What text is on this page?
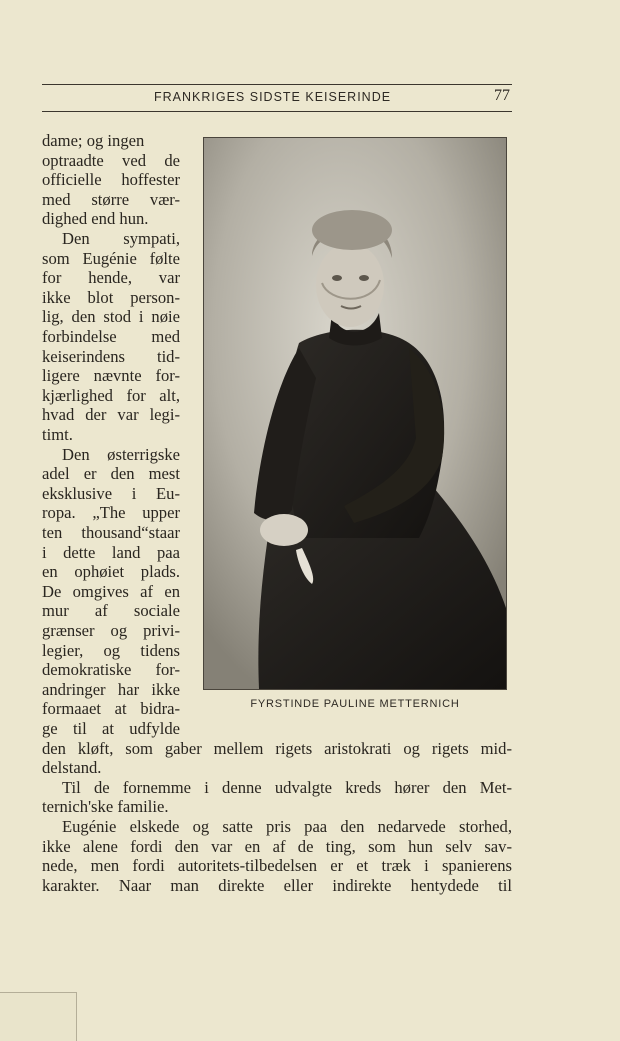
FRANKRIGES SIDSTE KEISERINDE	77
dame; og ingen
optraadte ved de
officielle hoffester
med større vær-
dighed end hun.
Den sympati,
som Eugénie følte
for hende, var
ikke blot person-
lig, den stod i nøie
forbindelse med
keiserindens tid-
ligere nævnte for-
kjærlighed for alt,
hvad der var legi-
timt.
Den østerrigske
adel er den mest
eksklusive i Eu-
ropa. „The upper
ten thousand“staar
i dette land paa
en ophøiet plads.
De omgives af en
mur af sociale
grænser og privi-
legier, og tidens
demokratiske for-
andringer har ikke
formaaet at bidra-
ge til at udfylde
FYRSTINDE PAULINE METTERNICH
den kløft, som gaber mellem rigets aristokrati og rigets mid-
delstand.
Til de fornemme i denne udvalgte kreds hører den Met-
ternich'ske familie.
Eugénie elskede og satte pris paa den nedarvede storhed,
ikke alene fordi den var en af de ting, som hun selv sav-
nede, men fordi autoritets-tilbedelsen er et træk i spanierens
karakter. Naar man direkte eller indirekte hentydede til
